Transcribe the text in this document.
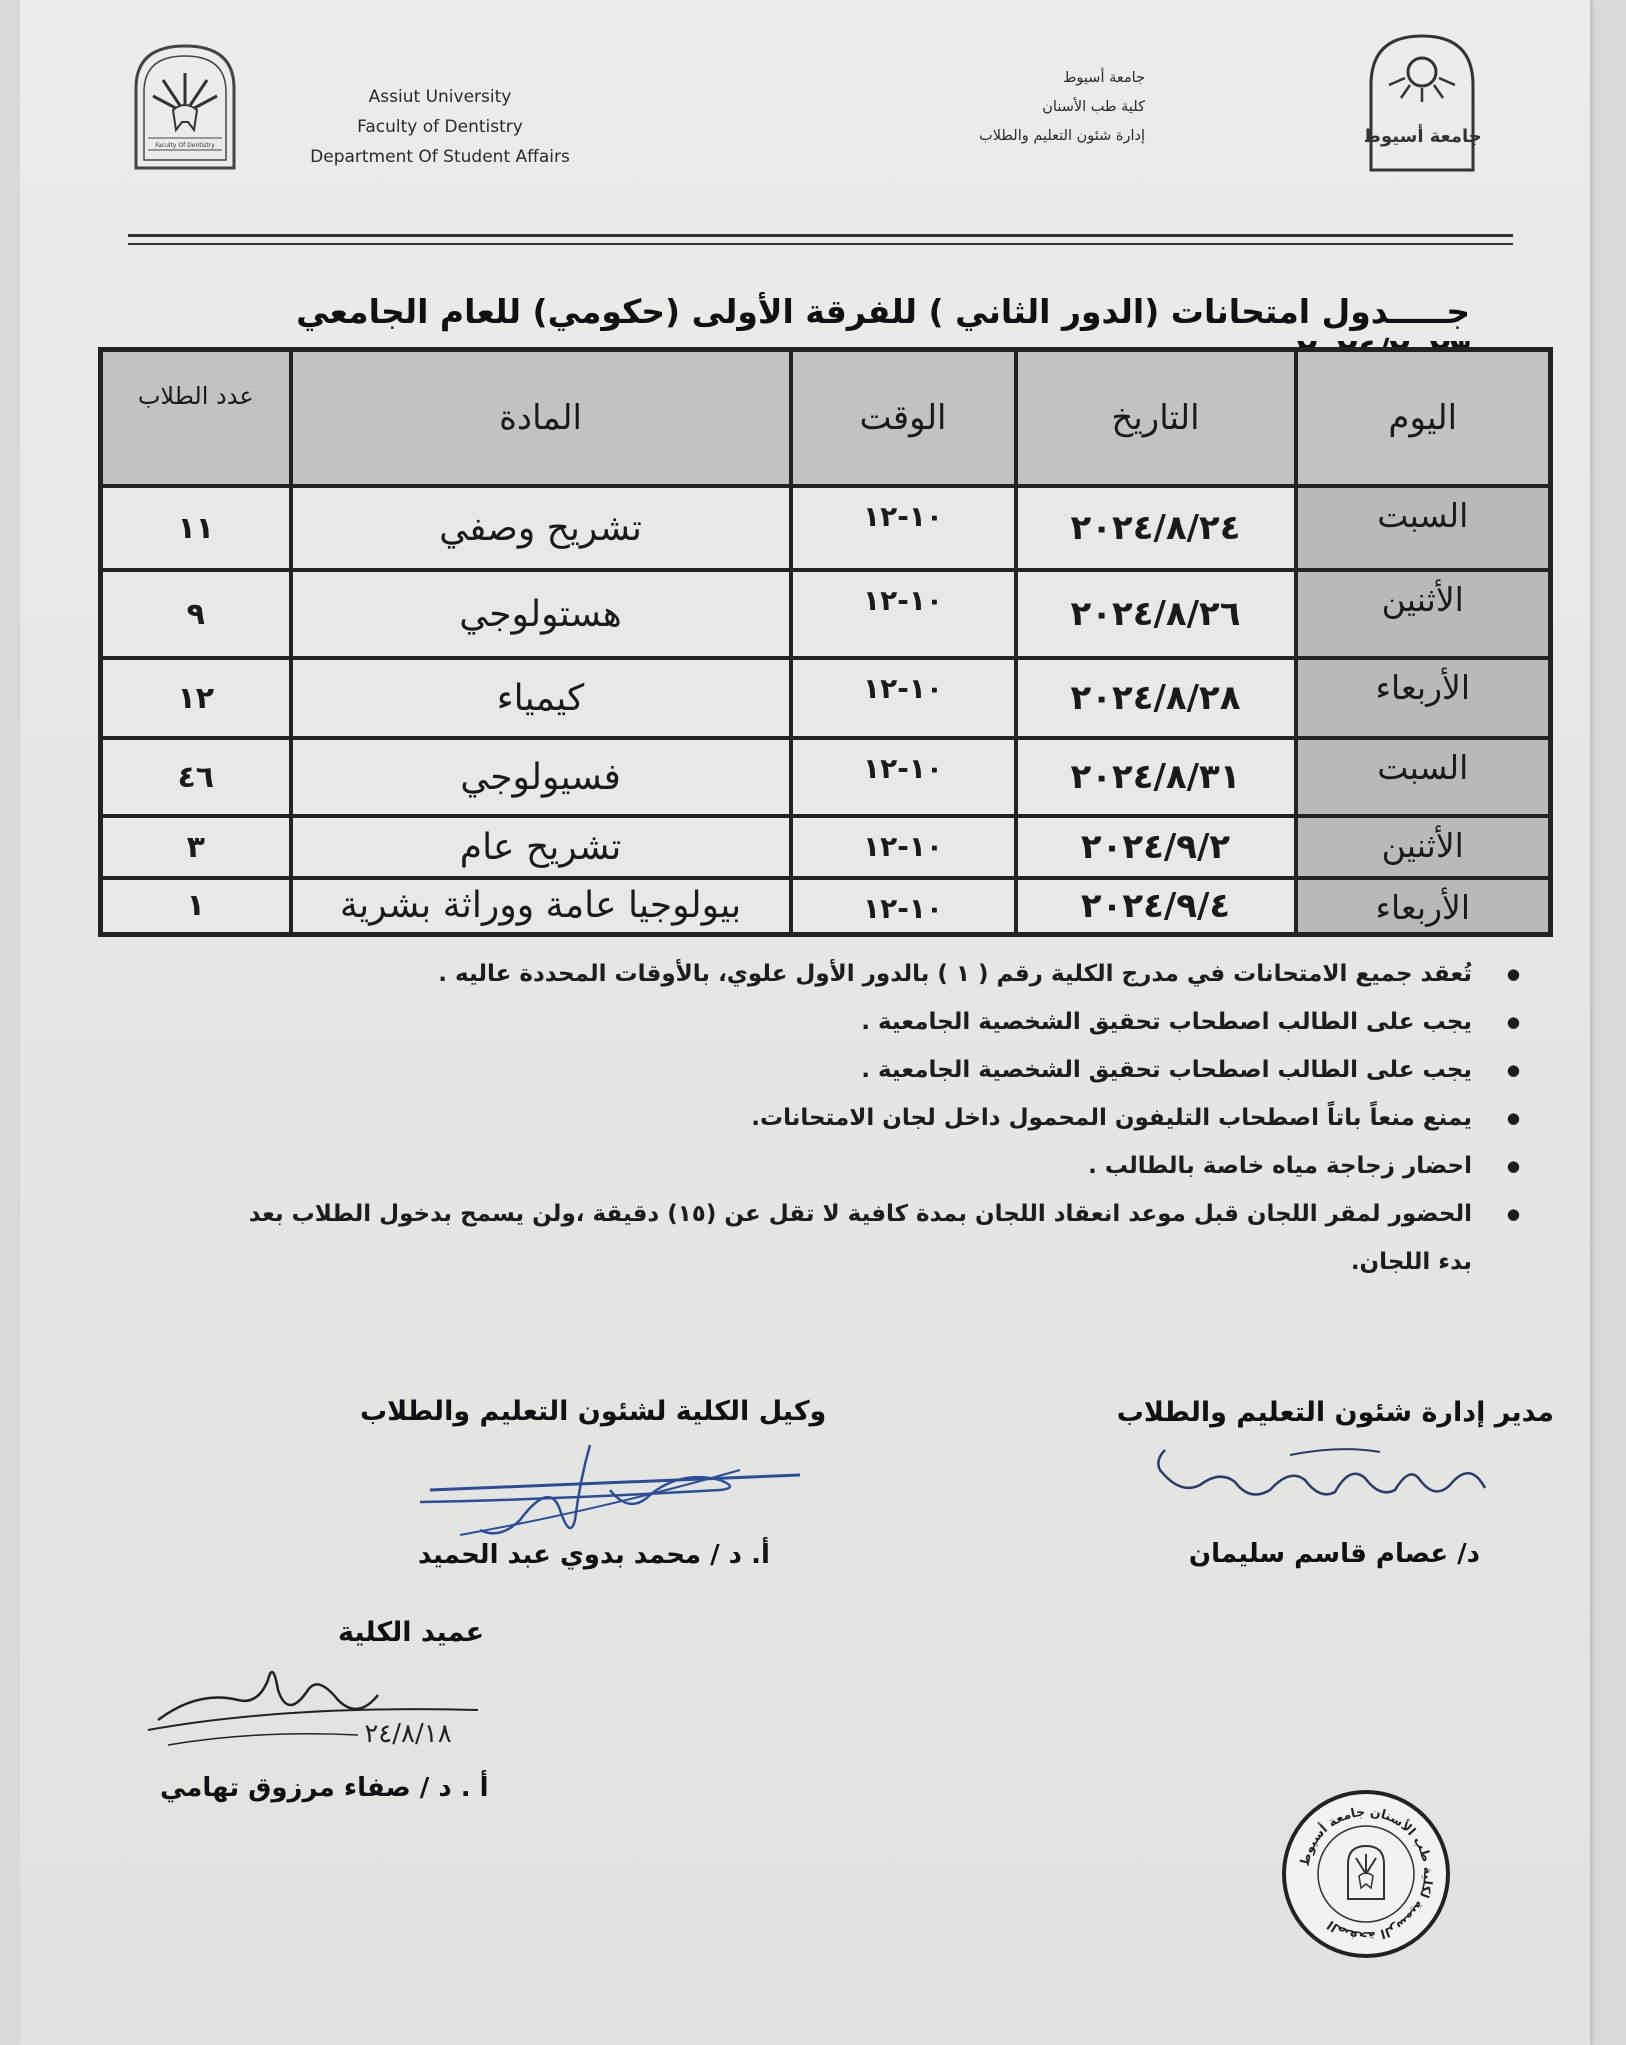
Faculty Of Dentistry
Assiut University
Faculty of Dentistry
Department Of Student Affairs
جامعة أسيوط
كلية طب الأسنان
إدارة شئون التعليم والطلاب	جامعة أسيوط
جـــــدول امتحانات (الدور الثاني ) للفرقة الأولى (حكومي) للعام الجامعي
اليوم	التاريخ	الوقت	المادة	عدد الطلاب
السبت	٢٠٢٤/٨/٢٤	١٠-١٢	تشريح وصفي	١١
الأثنين	٢٠٢٤/٨/٢٦	١٠-١٢	هستولوجي	٩
الأربعاء	٢٠٢٤/٨/٢٨	١٠-١٢	كيمياء	١٢
السبت	٢٠٢٤/٨/٣١	١٠-١٢	فسيولوجي	٤٦
الأثنين	٢٠٢٤/٩/٢	١٠-١٢	تشريح عام	٣
الأربعاء	٢٠٢٤/٩/٤	١٠-١٢	بيولوجيا عامة ووراثة بشرية	١
● تُعقد جميع الامتحانات في مدرج الكلية رقم ( ١ ) بالدور الأول علوي، بالأوقات المحددة عاليه .
● يجب على الطالب اصطحاب تحقيق الشخصية الجامعية .
● يجب على الطالب اصطحاب تحقيق الشخصية الجامعية .
● يمنع منعاً باتاً اصطحاب التليفون المحمول داخل لجان الامتحانات.
● احضار زجاجة مياه خاصة بالطالب .
● الحضور لمقر اللجان قبل موعد انعقاد اللجان بمدة كافية لا تقل عن (١٥) دقيقة ،ولن يسمح بدخول الطلاب بعد بدء اللجان.
مدير إدارة شئون التعليم والطلاب
د/ عصام قاسم سليمان
وكيل الكلية لشئون التعليم والطلاب
أ. د / محمد بدوي عبد الحميد
عميد الكلية
٢٤/٨/١٨
أ . د / صفاء مرزوق تهامي
الصفحة الرسمية لكلية طب الأسنان جامعة أسيوط
